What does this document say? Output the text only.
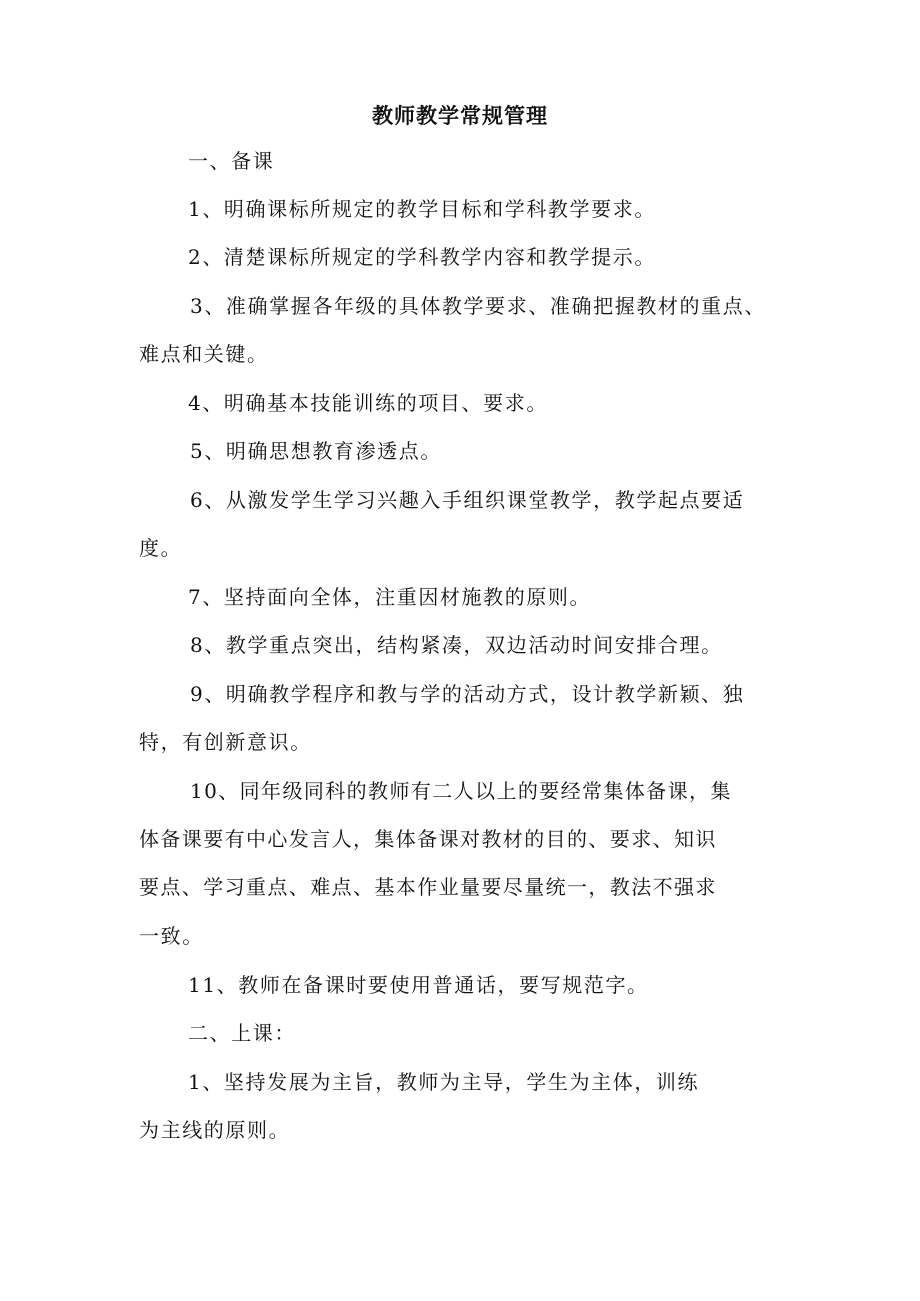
教师教学常规管理
一、备课
1、明确课标所规定的教学目标和学科教学要求。
2、清楚课标所规定的学科教学内容和教学提示。
3、准确掌握各年级的具体教学要求、准确把握教材的重点、
难点和关键。
4、明确基本技能训练的项目、要求。
5、明确思想教育渗透点。
6、从激发学生学习兴趣入手组织课堂教学，教学起点要适
度。
7、坚持面向全体，注重因材施教的原则。
8、教学重点突出，结构紧凑，双边活动时间安排合理。
9、明确教学程序和教与学的活动方式，设计教学新颖、独
特，有创新意识。
10、同年级同科的教师有二人以上的要经常集体备课，集
体备课要有中心发言人，集体备课对教材的目的、要求、知识
要点、学习重点、难点、基本作业量要尽量统一，教法不强求
一致。
11、教师在备课时要使用普通话，要写规范字。
二、上课：
1、坚持发展为主旨，教师为主导，学生为主体，训练
为主线的原则。
